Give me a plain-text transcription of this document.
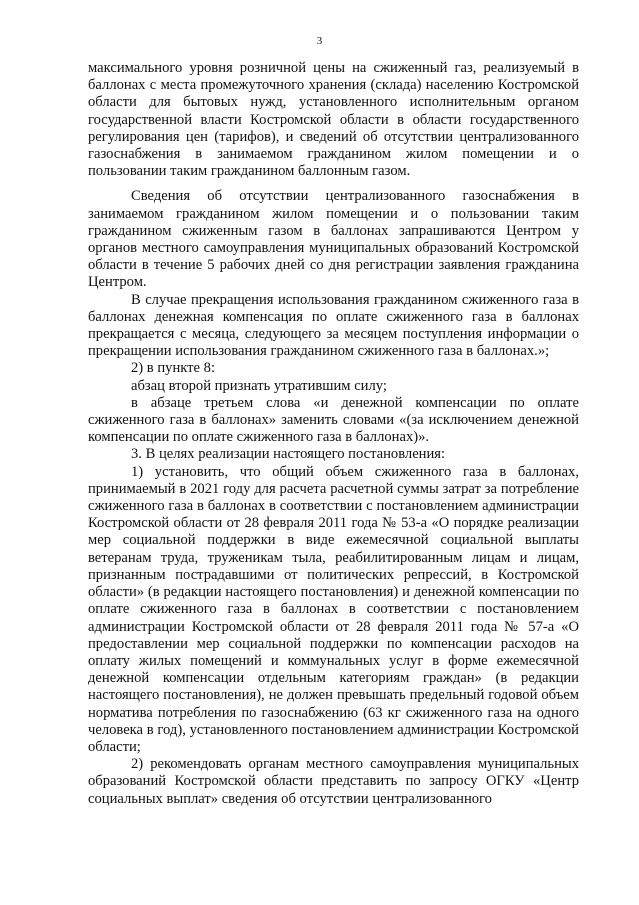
3

максимального уровня розничной цены на сжиженный газ, реализуемый в баллонах с места промежуточного хранения (склада) населению Костромской области для бытовых нужд, установленного исполнительным органом государственной власти Костромской области в области государственного регулирования цен (тарифов), и сведений об отсутствии централизованного газоснабжения в занимаемом гражданином жилом помещении и о пользовании таким гражданином баллонным газом.

Сведения об отсутствии централизованного газоснабжения в занимаемом гражданином жилом помещении и о пользовании таким гражданином сжиженным газом в баллонах запрашиваются Центром у органов местного самоуправления муниципальных образований Костромской области в течение 5 рабочих дней со дня регистрации заявления гражданина Центром.

В случае прекращения использования гражданином сжиженного газа в баллонах денежная компенсация по оплате сжиженного газа в баллонах прекращается с месяца, следующего за месяцем поступления информации о прекращении использования гражданином сжиженного газа в баллонах.»;

2) в пункте 8:

абзац второй признать утратившим силу;

в абзаце третьем слова «и денежной компенсации по оплате сжиженного газа в баллонах» заменить словами «(за исключением денежной компенсации по оплате сжиженного газа в баллонах)».

3. В целях реализации настоящего постановления:

1) установить, что общий объем сжиженного газа в баллонах, принимаемый в 2021 году для расчета расчетной суммы затрат за потребление сжиженного газа в баллонах в соответствии с постановлением администрации Костромской области от 28 февраля 2011 года № 53-а «О порядке реализации мер социальной поддержки в виде ежемесячной социальной выплаты ветеранам труда, труженикам тыла, реабилитированным лицам и лицам, признанным пострадавшими от политических репрессий, в Костромской области» (в редакции настоящего постановления) и денежной компенсации по оплате сжиженного газа в баллонах в соответствии с постановлением администрации Костромской области от 28 февраля 2011 года № 57-а «О предоставлении мер социальной поддержки по компенсации расходов на оплату жилых помещений и коммунальных услуг в форме ежемесячной денежной компенсации отдельным категориям граждан» (в редакции настоящего постановления), не должен превышать предельный годовой объем норматива потребления по газоснабжению (63 кг сжиженного газа на одного человека в год), установленного постановлением администрации Костромской области;

2) рекомендовать органам местного самоуправления муниципальных образований Костромской области представить по запросу ОГКУ «Центр социальных выплат» сведения об отсутствии централизованного
